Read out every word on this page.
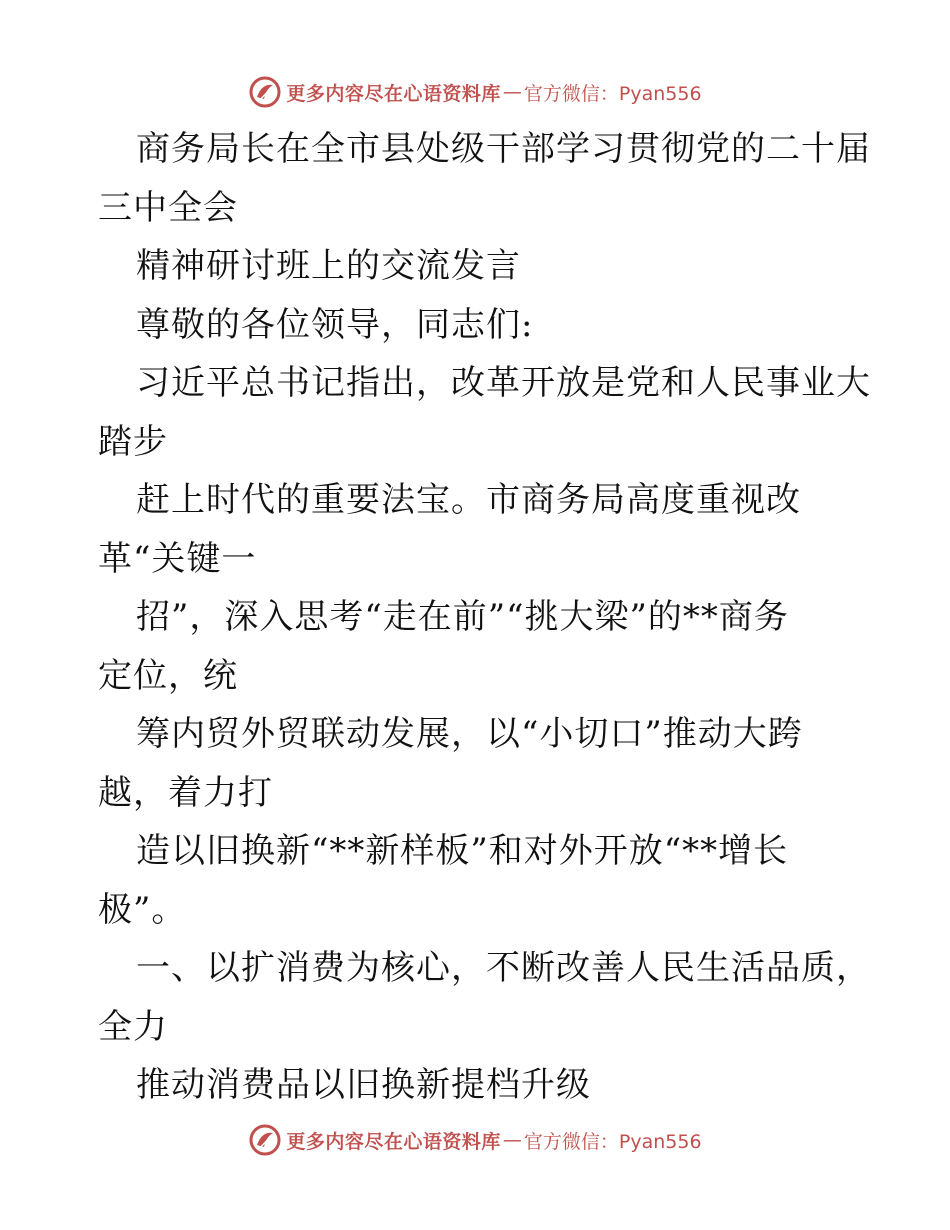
更多内容尽在心语资料库 — 官方微信：Pyan556
商务局长在全市县处级干部学习贯彻党的二十届
三中全会
精神研讨班上的交流发言
尊敬的各位领导，同志们:
习近平总书记指出，改革开放是党和人民事业大
踏步
赶上时代的重要法宝。市商务局高度重视改
革“关键一
招”，深入思考“走在前”“挑大梁”的**商务
定位，统
筹内贸外贸联动发展，以“小切口”推动大跨
越，着力打
造以旧换新“**新样板”和对外开放“**增长
极”。
一、以扩消费为核心，不断改善人民生活品质，
全力
推动消费品以旧换新提档升级
更多内容尽在心语资料库 — 官方微信：Pyan556
